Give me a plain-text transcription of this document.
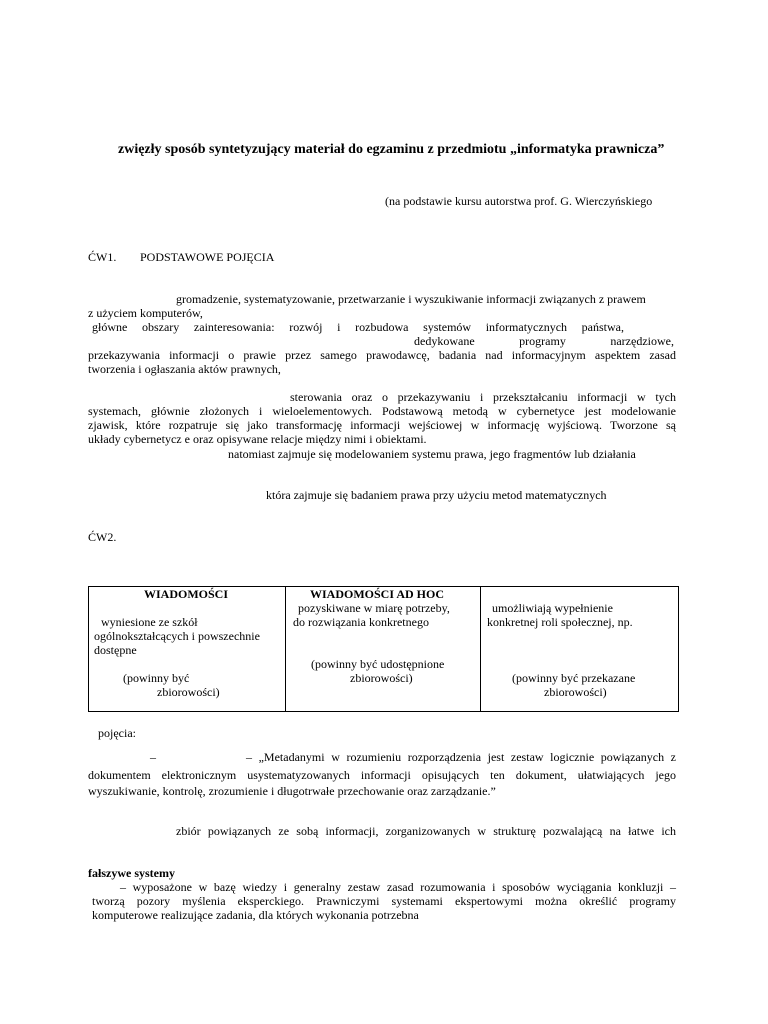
zwięzły sposób syntetyzujący materiał do egzaminu z przedmiotu „informatyka prawnicza”
(na podstawie kursu autorstwa prof. G. Wierczyńskiego
ĆW1. PODSTAWOWE POJĘCIA
gromadzenie, systematyzowanie, przetwarzanie i wyszukiwanie informacji związanych z prawem
z użyciem komputerów,
główne obszary zainteresowania: rozwój i rozbudowa systemów informatycznych państwa,
dedykowane programy narzędziowe,
przekazywania informacji o prawie przez samego prawodawcę, badania nad informacyjnym aspektem zasad
tworzenia i ogłaszania aktów prawnych,
sterowania oraz o przekazywaniu i przekształcaniu informacji w tych
systemach, głównie złożonych i wieloelementowych. Podstawową metodą w cybernetyce jest modelowanie
zjawisk, które rozpatruje się jako transformację informacji wejściowej w informację wyjściową. Tworzone są
układy cybernetycz e oraz opisywane relacje między nimi i obiektami.
natomiast zajmuje się modelowaniem systemu prawa, jego fragmentów lub działania
która zajmuje się badaniem prawa przy użyciu metod matematycznych
ĆW2.
WIADOMOŚCI
wyniesione ze szkół
ogólnokształcących i powszechnie
dostępne
(powinny być
zbiorowości)

WIADOMOŚCI AD HOC
pozyskiwane w miarę potrzeby,
do rozwiązania konkretnego
(powinny być udostępnione
zbiorowości)

umożliwiają wypełnienie
konkretnej roli społecznej, np.
(powinny być przekazane
zbiorowości)
pojęcia:
–	– „Metadanymi w rozumieniu rozporządzenia jest zestaw logicznie powiązanych z
dokumentem elektronicznym usystematyzowanych informacji opisujących ten dokument, ułatwiających jego
wyszukiwanie, kontrolę, zrozumienie i długotrwałe przechowanie oraz zarządzanie.”
zbiór powiązanych ze sobą informacji, zorganizowanych w strukturę pozwalającą na łatwe ich
fałszywe systemy
– wyposażone w bazę wiedzy i generalny zestaw zasad rozumowania i sposobów wyciągania konkluzji –
tworzą pozory myślenia eksperckiego. Prawniczymi systemami ekspertowymi można określić programy
komputerowe realizujące zadania, dla których wykonania potrzebna
